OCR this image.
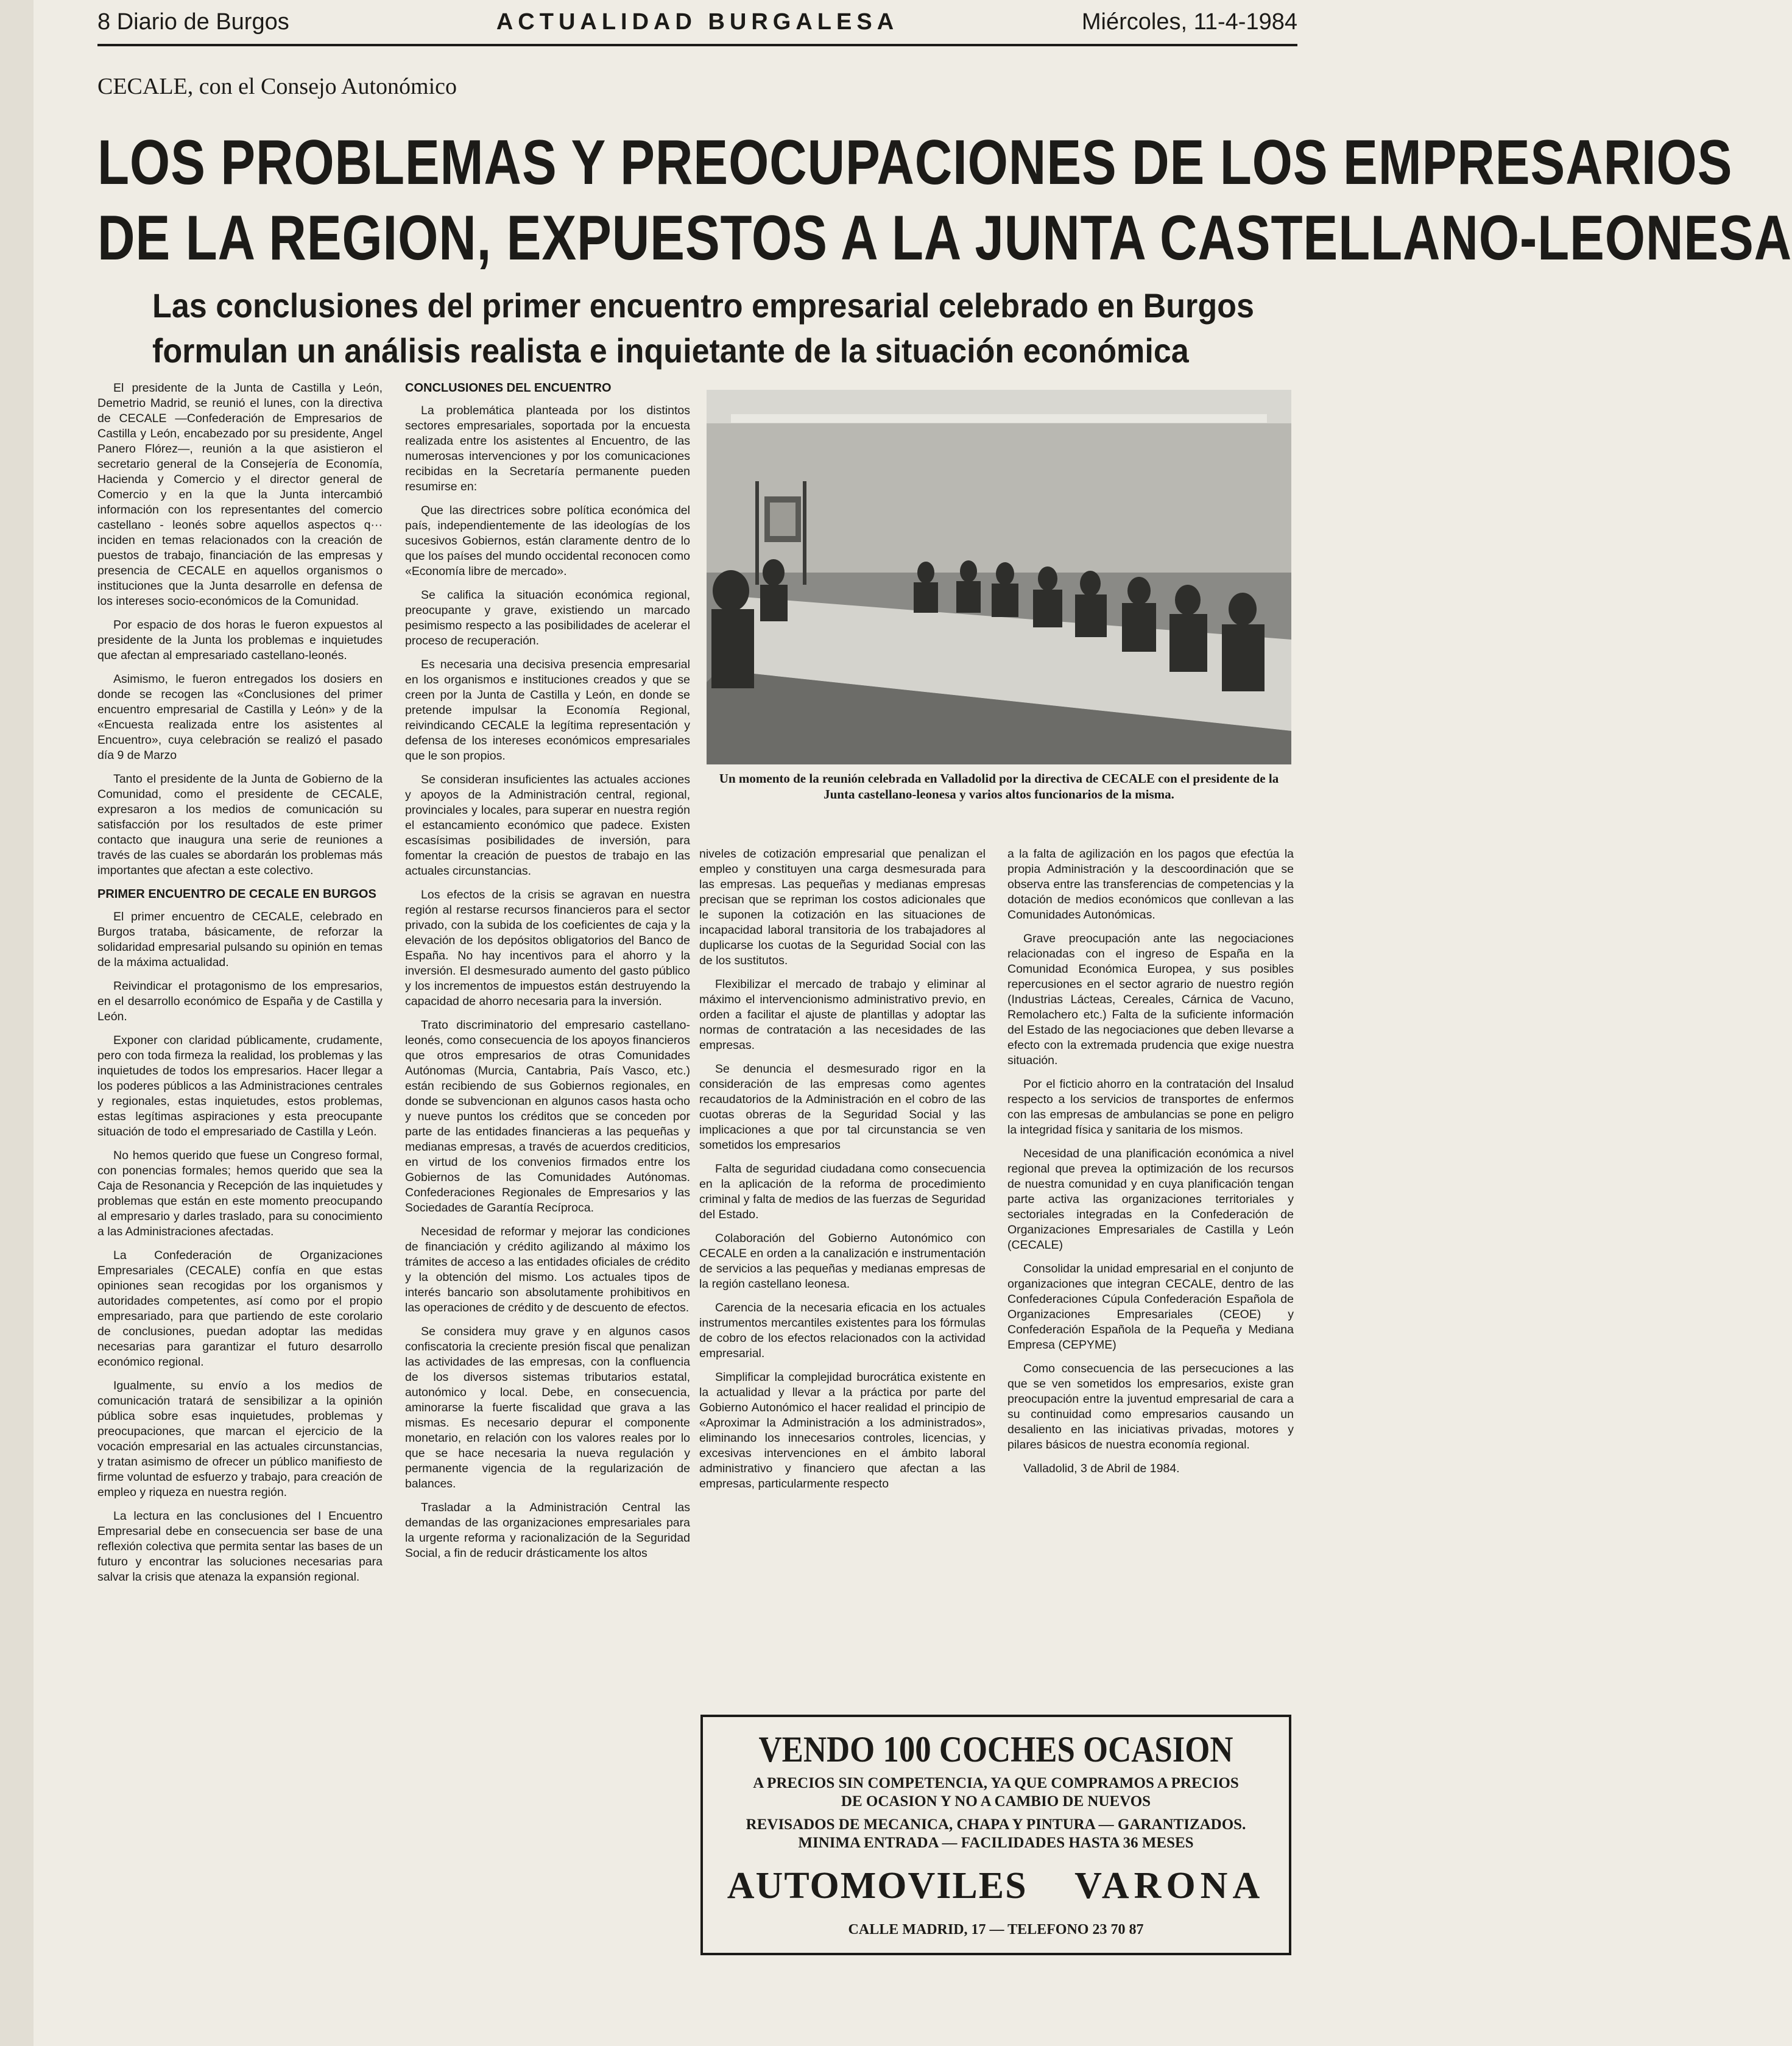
8 Diario de Burgos	ACTUALIDAD BURGALESA	Miércoles, 11-4-1984
CECALE, con el Consejo Autonómico
LOS PROBLEMAS Y PREOCUPACIONES DE LOS EMPRESARIOS
DE LA REGION, EXPUESTOS A LA JUNTA CASTELLANO-LEONESA
Las conclusiones del primer encuentro empresarial celebrado en Burgos
formulan un análisis realista e inquietante de la situación económica

El presidente de la Junta de Castilla y León, Demetrio Madrid, se reunió el lunes, con la directiva de CECALE —Confederación de Empresarios de Castilla y León, encabezado por su presidente, Angel Panero Flórez—, reunión a la que asistieron el secretario general de la Consejería de Economía, Hacienda y Comercio y el director general de Comercio y en la que la Junta intercambió información con los representantes del comercio castellano - leonés sobre aquellos aspectos q··· inciden en temas relacionados con la creación de puestos de trabajo, financiación de las empresas y presencia de CECALE en aquellos organismos o instituciones que la Junta desarrolle en defensa de los intereses socio-económicos de la Comunidad.

Por espacio de dos horas le fueron expuestos al presidente de la Junta los problemas e inquietudes que afectan al empresariado castellano-leonés.

Asimismo, le fueron entregados los dosiers en donde se recogen las «Conclusiones del primer encuentro empresarial de Castilla y León» y de la «Encuesta realizada entre los asistentes al Encuentro», cuya celebración se realizó el pasado día 9 de Marzo

Tanto el presidente de la Junta de Gobierno de la Comunidad, como el presidente de CECALE, expresaron a los medios de comunicación su satisfacción por los resultados de este primer contacto que inaugura una serie de reuniones a través de las cuales se abordarán los problemas más importantes que afectan a este colectivo.

PRIMER ENCUENTRO DE CECALE EN BURGOS

El primer encuentro de CECALE, celebrado en Burgos trataba, básicamente, de reforzar la solidaridad empresarial pulsando su opinión en temas de la máxima actualidad.

Reivindicar el protagonismo de los empresarios, en el desarrollo económico de España y de Castilla y León.

Exponer con claridad públicamente, crudamente, pero con toda firmeza la realidad, los problemas y las inquietudes de todos los empresarios. Hacer llegar a los poderes públicos a las Administraciones centrales y regionales, estas inquietudes, estos problemas, estas legítimas aspiraciones y esta preocupante situación de todo el empresariado de Castilla y León.

No hemos querido que fuese un Congreso formal, con ponencias formales; hemos querido que sea la Caja de Resonancia y Recepción de las inquietudes y problemas que están en este momento preocupando al empresario y darles traslado, para su conocimiento a las Administraciones afectadas.

La Confederación de Organizaciones Empresariales (CECALE) confía en que estas opiniones sean recogidas por los organismos y autoridades competentes, así como por el propio empresariado, para que partiendo de este corolario de conclusiones, puedan adoptar las medidas necesarias para garantizar el futuro desarrollo económico regional.

Igualmente, su envío a los medios de comunicación tratará de sensibilizar a la opinión pública sobre esas inquietudes, problemas y preocupaciones, que marcan el ejercicio de la vocación empresarial en las actuales circunstancias, y tratan asimismo de ofrecer un público manifiesto de firme voluntad de esfuerzo y trabajo, para creación de empleo y riqueza en nuestra región.

La lectura en las conclusiones del I Encuentro Empresarial debe en consecuencia ser base de una reflexión colectiva que permita sentar las bases de un futuro y encontrar las soluciones necesarias para salvar la crisis que atenaza la expansión regional.

CONCLUSIONES DEL ENCUENTRO

La problemática planteada por los distintos sectores empresariales, soportada por la encuesta realizada entre los asistentes al Encuentro, de las numerosas intervenciones y por los comunicaciones recibidas en la Secretaría permanente pueden resumirse en:

Que las directrices sobre política económica del país, independientemente de las ideologías de los sucesivos Gobiernos, están claramente dentro de lo que los países del mundo occidental reconocen como «Economía libre de mercado».

Se califica la situación económica regional, preocupante y grave, existiendo un marcado pesimismo respecto a las posibilidades de acelerar el proceso de recuperación.

Es necesaria una decisiva presencia empresarial en los organismos e instituciones creados y que se creen por la Junta de Castilla y León, en donde se pretende impulsar la Economía Regional, reivindicando CECALE la legítima representación y defensa de los intereses económicos empresariales que le son propios.

Se consideran insuficientes las actuales acciones y apoyos de la Administración central, regional, provinciales y locales, para superar en nuestra región el estancamiento económico que padece. Existen escasísimas posibilidades de inversión, para fomentar la creación de puestos de trabajo en las actuales circunstancias.

Los efectos de la crisis se agravan en nuestra región al restarse recursos financieros para el sector privado, con la subida de los coeficientes de caja y la elevación de los depósitos obligatorios del Banco de España. No hay incentivos para el ahorro y la inversión. El desmesurado aumento del gasto público y los incrementos de impuestos están destruyendo la capacidad de ahorro necesaria para la inversión.

Trato discriminatorio del empresario castellano-leonés, como consecuencia de los apoyos financieros que otros empresarios de otras Comunidades Autónomas (Murcia, Cantabria, País Vasco, etc.) están recibiendo de sus Gobiernos regionales, en donde se subvencionan en algunos casos hasta ocho y nueve puntos los créditos que se conceden por parte de las entidades financieras a las pequeñas y medianas empresas, a través de acuerdos crediticios, en virtud de los convenios firmados entre los Gobiernos de las Comunidades Autónomas. Confederaciones Regionales de Empresarios y las Sociedades de Garantía Recíproca.

Necesidad de reformar y mejorar las condiciones de financiación y crédito agilizando al máximo los trámites de acceso a las entidades oficiales de crédito y la obtención del mismo. Los actuales tipos de interés bancario son absolutamente prohibitivos en las operaciones de crédito y de descuento de efectos.

Se considera muy grave y en algunos casos confiscatoria la creciente presión fiscal que penalizan las actividades de las empresas, con la confluencia de los diversos sistemas tributarios estatal, autonómico y local. Debe, en consecuencia, aminorarse la fuerte fiscalidad que grava a las mismas. Es necesario depurar el componente monetario, en relación con los valores reales por lo que se hace necesaria la nueva regulación y permanente vigencia de la regularización de balances.

Trasladar a la Administración Central las demandas de las organizaciones empresariales para la urgente reforma y racionalización de la Seguridad Social, a fin de reducir drásticamente los altos

Un momento de la reunión celebrada en Valladolid por la directiva de CECALE con el presidente de la Junta castellano-leonesa y varios altos funcionarios de la misma.

niveles de cotización empresarial que penalizan el empleo y constituyen una carga desmesurada para las empresas. Las pequeñas y medianas empresas precisan que se repriman los costos adicionales que le suponen la cotización en las situaciones de incapacidad laboral transitoria de los trabajadores al duplicarse los cuotas de la Seguridad Social con las de los sustitutos.

Flexibilizar el mercado de trabajo y eliminar al máximo el intervencionismo administrativo previo, en orden a facilitar el ajuste de plantillas y adoptar las normas de contratación a las necesidades de las empresas.

Se denuncia el desmesurado rigor en la consideración de las empresas como agentes recaudatorios de la Administración en el cobro de las cuotas obreras de la Seguridad Social y las implicaciones a que por tal circunstancia se ven sometidos los empresarios

Falta de seguridad ciudadana como consecuencia en la aplicación de la reforma de procedimiento criminal y falta de medios de las fuerzas de Seguridad del Estado.

Colaboración del Gobierno Autonómico con CECALE en orden a la canalización e instrumentación de servicios a las pequeñas y medianas empresas de la región castellano leonesa.

Carencia de la necesaria eficacia en los actuales instrumentos mercantiles existentes para los fórmulas de cobro de los efectos relacionados con la actividad empresarial.

Simplificar la complejidad burocrática existente en la actualidad y llevar a la práctica por parte del Gobierno Autonómico el hacer realidad el principio de «Aproximar la Administración a los administrados», eliminando los innecesarios controles, licencias, y excesivas intervenciones en el ámbito laboral administrativo y financiero que afectan a las empresas, particularmente respecto

a la falta de agilización en los pagos que efectúa la propia Administración y la descoordinación que se observa entre las transferencias de competencias y la dotación de medios económicos que conllevan a las Comunidades Autonómicas.

Grave preocupación ante las negociaciones relacionadas con el ingreso de España en la Comunidad Económica Europea, y sus posibles repercusiones en el sector agrario de nuestro región (Industrias Lácteas, Cereales, Cárnica de Vacuno, Remolachero etc.) Falta de la suficiente información del Estado de las negociaciones que deben llevarse a efecto con la extremada prudencia que exige nuestra situación.

Por el ficticio ahorro en la contratación del Insalud respecto a los servicios de transportes de enfermos con las empresas de ambulancias se pone en peligro la integridad física y sanitaria de los mismos.

Necesidad de una planificación económica a nivel regional que prevea la optimización de los recursos de nuestra comunidad y en cuya planificación tengan parte activa las organizaciones territoriales y sectoriales integradas en la Confederación de Organizaciones Empresariales de Castilla y León (CECALE)

Consolidar la unidad empresarial en el conjunto de organizaciones que integran CECALE, dentro de las Confederaciones Cúpula Confederación Española de Organizaciones Empresariales (CEOE) y Confederación Española de la Pequeña y Mediana Empresa (CEPYME)

Como consecuencia de las persecuciones a las que se ven sometidos los empresarios, existe gran preocupación entre la juventud empresarial de cara a su continuidad como empresarios causando un desaliento en las iniciativas privadas, motores y pilares básicos de nuestra economía regional.

Valladolid, 3 de Abril de 1984.

VENDO 100 COCHES OCASION
A PRECIOS SIN COMPETENCIA, YA QUE COMPRAMOS A PRECIOS
DE OCASION Y NO A CAMBIO DE NUEVOS
REVISADOS DE MECANICA, CHAPA Y PINTURA — GARANTIZADOS.
MINIMA ENTRADA — FACILIDADES HASTA 36 MESES
AUTOMOVILES VARONA
CALLE MADRID, 17 — TELEFONO 23 70 87
